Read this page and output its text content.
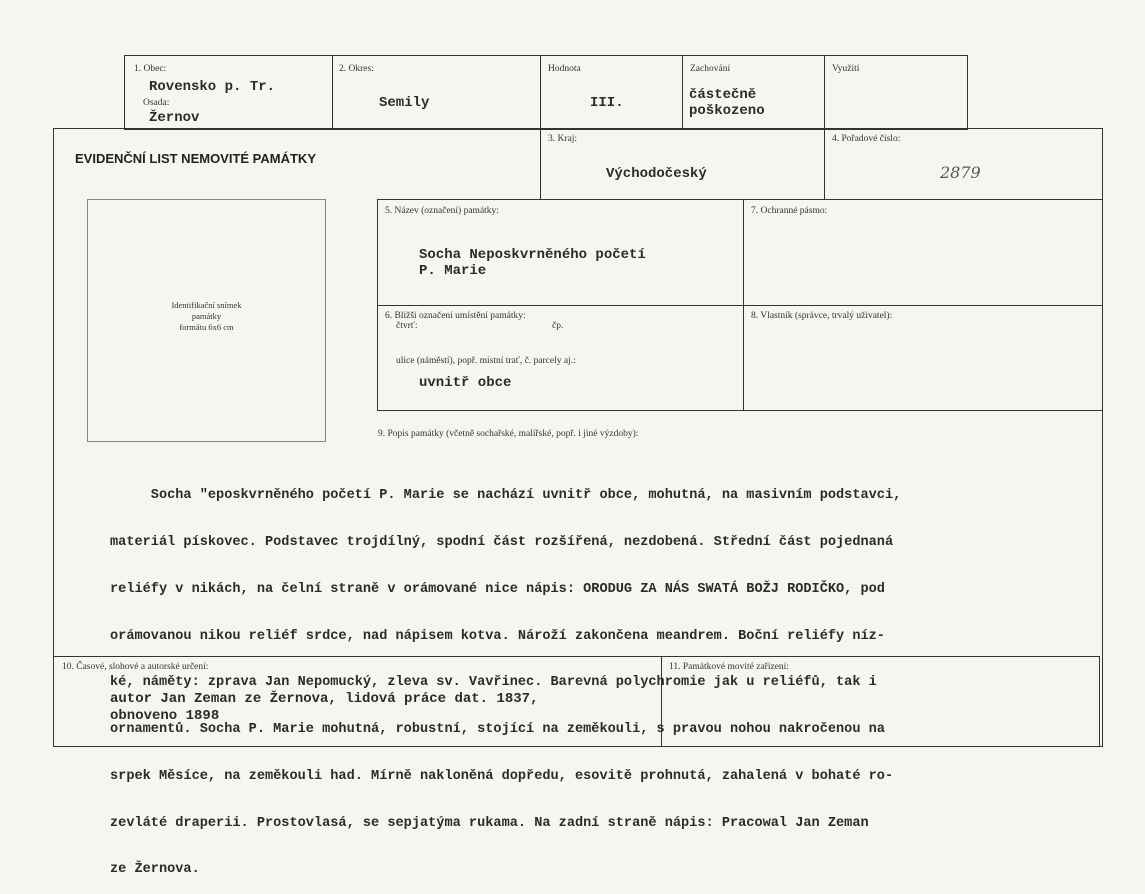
1. Obec:
Rovensko p. Tr.
Osada:
Žernov
2. Okres:
Semily
Hodnota
III.
Zachování
částečně
poškozeno
Využití
EVIDENČNÍ LIST NEMOVITÉ PAMÁTKY
3. Kraj:
Východočeský
4. Pořadové číslo:
2879
Identifikační snímek
památky
formátu 6x6 cm
5. Název (označení) památky:
Socha Neposkvrněného početí
P. Marie
7. Ochranné pásmo:
6. Bližší označení umístění památky:
čtvrť:	čp.
ulice (náměstí), popř. místní trať, č. parcely aj.:
uvnitř obce
8. Vlastník (správce, trvalý uživatel):
9. Popis památky (včetně sochařské, malířské, popř. i jiné výzdoby):

Socha "eposkvrněného početí P. Marie se nachází uvnitř obce, mohutná, na masivním podstavci,

materiál pískovec. Podstavec trojdílný, spodní část rozšířená, nezdobená. Střední část pojednaná

reliéfy v nikách, na čelní straně v orámované nice nápis: ORODUG ZA NÁS SWATÁ BOŽJ RODIČKO, pod

orámovanou nikou reliéf srdce, nad nápisem kotva. Nároží zakončena meandrem. Boční reliéfy níz-

ké, náměty: zprava Jan Nepomucký, zleva sv. Vavřinec. Barevná polychromie jak u reliéfů, tak i

ornamentů. Socha P. Marie mohutná, robustní, stojící na zeměkouli, s pravou nohou nakročenou na

srpek Měsíce, na zeměkouli had. Mírně nakloněná dopředu, esovitě prohnutá, zahalená v bohaté ro-

zevláté draperii. Prostovlasá, se sepjatýma rukama. Na zadní straně nápis: Pracowal Jan Zeman

ze Žernova.

10. Časové, slohové a autorské určení:
autor Jan Zeman ze Žernova, lidová práce dat. 1837,
obnoveno 1898
11. Památkové movité zařízení:
